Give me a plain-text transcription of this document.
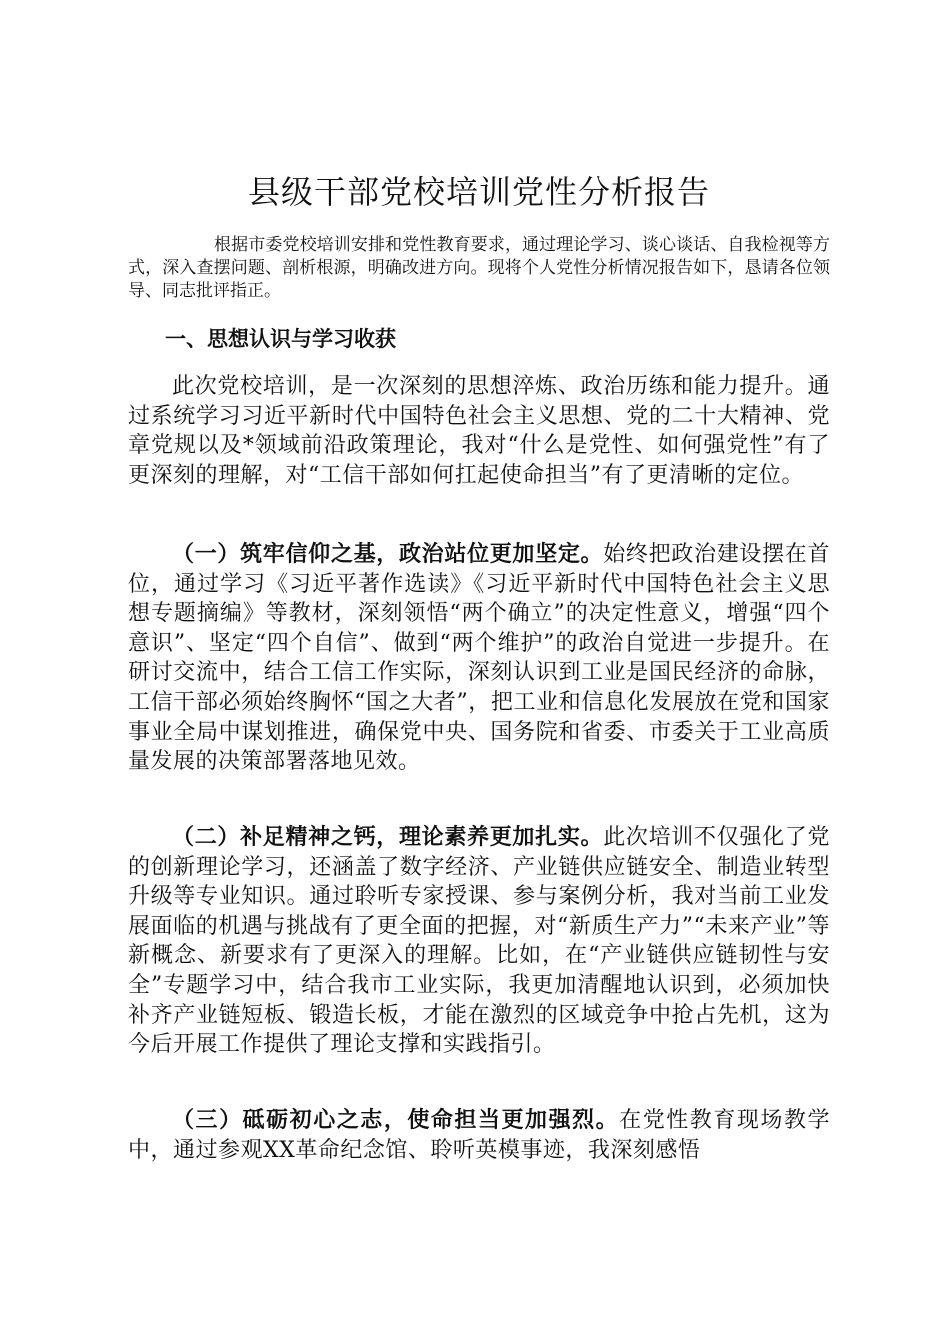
县级干部党校培训党性分析报告

根据市委党校培训安排和党性教育要求，通过理论学习、谈心谈话、自我检视等方式，深入查摆问题、剖析根源，明确改进方向。现将个人党性分析情况报告如下，恳请各位领导、同志批评指正。

一、思想认识与学习收获

此次党校培训，是一次深刻的思想淬炼、政治历练和能力提升。通过系统学习习近平新时代中国特色社会主义思想、党的二十大精神、党章党规以及*领域前沿政策理论，我对“什么是党性、如何强党性”有了更深刻的理解，对“工信干部如何扛起使命担当”有了更清晰的定位。

（一）筑牢信仰之基，政治站位更加坚定。始终把政治建设摆在首位，通过学习《习近平著作选读》《习近平新时代中国特色社会主义思想专题摘编》等教材，深刻领悟“两个确立”的决定性意义，增强“四个意识”、坚定“四个自信”、做到“两个维护”的政治自觉进一步提升。在研讨交流中，结合工信工作实际，深刻认识到工业是国民经济的命脉，工信干部必须始终胸怀“国之大者”，把工业和信息化发展放在党和国家事业全局中谋划推进，确保党中央、国务院和省委、市委关于工业高质量发展的决策部署落地见效。

（二）补足精神之钙，理论素养更加扎实。此次培训不仅强化了党的创新理论学习，还涵盖了数字经济、产业链供应链安全、制造业转型升级等专业知识。通过聆听专家授课、参与案例分析，我对当前工业发展面临的机遇与挑战有了更全面的把握，对“新质生产力”“未来产业”等新概念、新要求有了更深入的理解。比如，在“产业链供应链韧性与安全”专题学习中，结合我市工业实际，我更加清醒地认识到，必须加快补齐产业链短板、锻造长板，才能在激烈的区域竞争中抢占先机，这为今后开展工作提供了理论支撑和实践指引。

（三）砥砺初心之志，使命担当更加强烈。在党性教育现场教学中，通过参观XX革命纪念馆、聆听英模事迹，我深刻感悟
